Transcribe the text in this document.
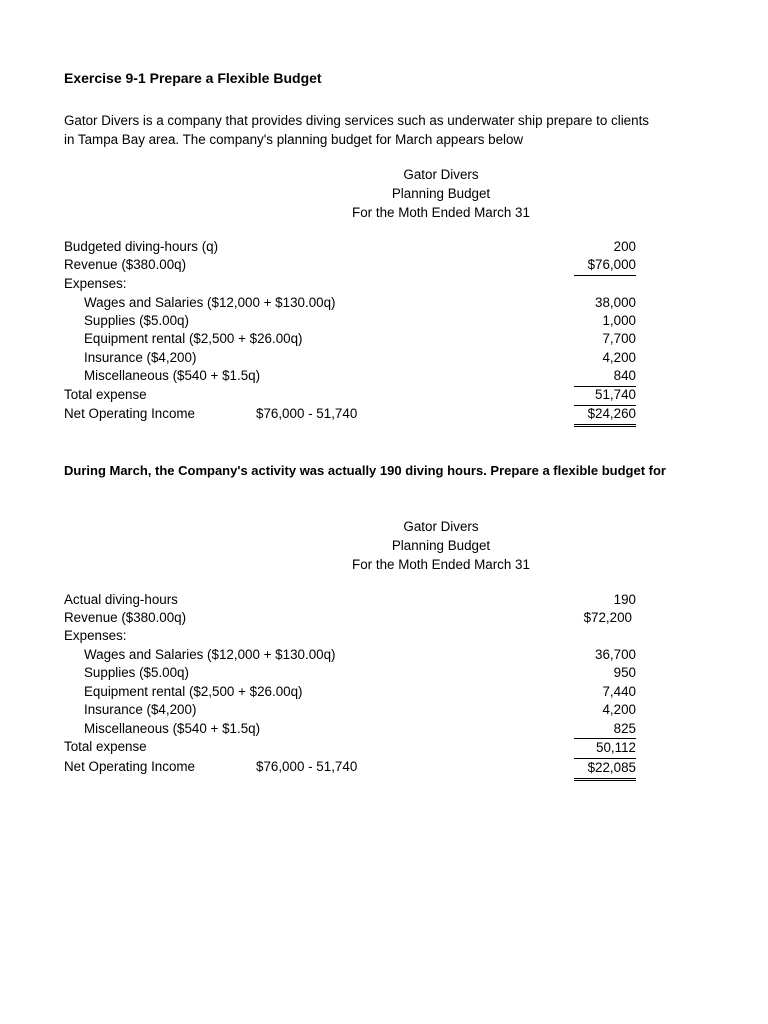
Exercise 9-1 Prepare a Flexible Budget
Gator Divers is a company that provides diving services such as underwater ship prepare to clients
in Tampa Bay area. The company's planning budget for March appears below
Gator Divers
Planning Budget
For the Moth Ended March 31
Budgeted diving-hours (q)	200
Revenue ($380.00q)	$76,000
Expenses:
Wages and Salaries ($12,000 + $130.00q)	38,000
Supplies ($5.00q)	1,000
Equipment rental ($2,500 + $26.00q)	7,700
Insurance ($4,200)	4,200
Miscellaneous ($540 + $1.5q)	840
Total expense	51,740
Net Operating Income	$76,000 - 51,740	$24,260
During March, the Company's activity was actually 190 diving hours. Prepare a flexible budget for
Gator Divers
Planning Budget
For the Moth Ended March 31
Actual diving-hours	190
Revenue ($380.00q)	$72,200
Expenses:
Wages and Salaries ($12,000 + $130.00q)	36,700
Supplies ($5.00q)	950
Equipment rental ($2,500 + $26.00q)	7,440
Insurance ($4,200)	4,200
Miscellaneous ($540 + $1.5q)	825
Total expense	50,112
Net Operating Income	$76,000 - 51,740	$22,085
